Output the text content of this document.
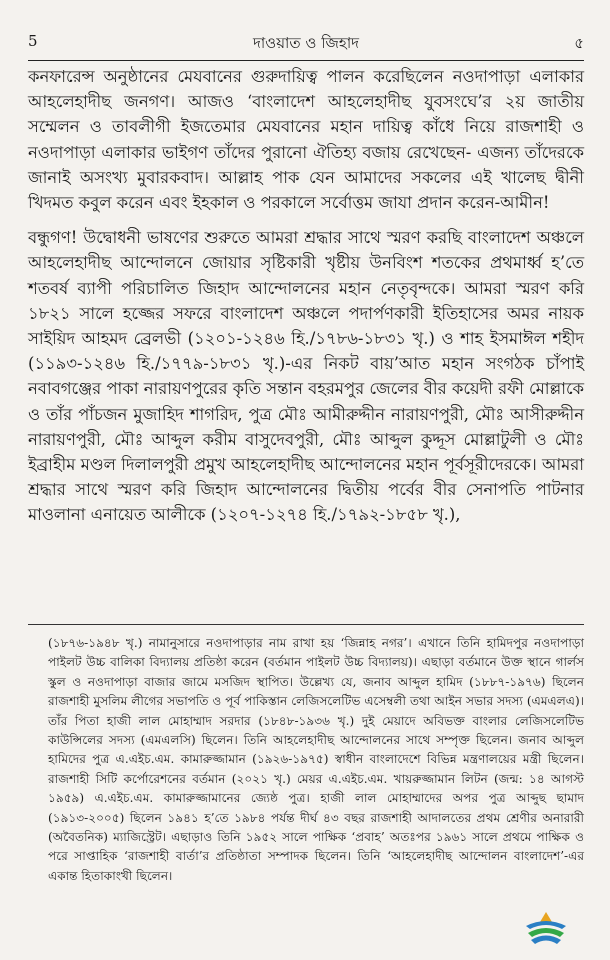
5	দাওয়াত ও জিহাদ	৫

কনফারেন্স অনুষ্ঠানের মেযবানের গুরুদায়িত্ব পালন করেছিলেন নওদাপাড়া এলাকার আহলেহাদীছ জনগণ। আজও ‘বাংলাদেশ আহলেহাদীছ যুবসংঘে’র ২য় জাতীয় সম্মেলন ও তাবলীগী ইজতেমার মেযবানের মহান দায়িত্ব কাঁধে নিয়ে রাজশাহী ও নওদাপাড়া এলাকার ভাইগণ তাঁদের পুরানো ঐতিহ্য বজায় রেখেছেন- এজন্য তাঁদেরকে জানাই অসংখ্য মুবারকবাদ। আল্লাহ পাক যেন আমাদের সকলের এই খালেছ দ্বীনী খিদমত কবুল করেন এবং ইহকাল ও পরকালে সর্বোত্তম জাযা প্রদান করেন-আমীন!

বন্ধুগণ! উদ্বোধনী ভাষণের শুরুতে আমরা শ্রদ্ধার সাথে স্মরণ করছি বাংলাদেশ অঞ্চলে আহলেহাদীছ আন্দোলনে জোয়ার সৃষ্টিকারী খৃষ্টীয় উনবিংশ শতকের প্রথমার্ধ্ব হ’তে শতবর্ষ ব্যাপী পরিচালিত জিহাদ আন্দোলনের মহান নেতৃবৃন্দকে। আমরা স্মরণ করি ১৮২১ সালে হজ্জের সফরে বাংলাদেশ অঞ্চলে পদার্পণকারী ইতিহাসের অমর নায়ক সাইয়িদ আহমদ ব্রেলভী (১২০১-১২৪৬ হি./১৭৮৬-১৮৩১ খৃ.) ও শাহ ইসমাঈল শহীদ (১১৯৩-১২৪৬ হি./১৭৭৯-১৮৩১ খৃ.)-এর নিকট বায়’আত মহান সংগঠক চাঁপাই নবাবগঞ্জের পাকা নারায়ণপুরের কৃতি সন্তান বহরমপুর জেলের বীর কয়েদী রফী মোল্লাকে ও তাঁর পাঁচজন মুজাহিদ শাগরিদ, পুত্র মৌঃ আমীরুদ্দীন নারায়ণপুরী, মৌঃ আসীরুদ্দীন নারায়ণপুরী, মৌঃ আব্দুল করীম বাসুদেবপুরী, মৌঃ আব্দুল কুদ্দূস মোল্লাটুলী ও মৌঃ ইব্রাহীম মণ্ডল দিলালপুরী প্রমুখ আহলেহাদীছ আন্দোলনের মহান পূর্বসূরীদেরকে। আমরা শ্রদ্ধার সাথে স্মরণ করি জিহাদ আন্দোলনের দ্বিতীয় পর্বের বীর সেনাপতি পাটনার মাওলানা এনায়েত আলীকে (১২০৭-১২৭৪ হি./১৭৯২-১৮৫৮ খৃ.),

(১৮৭৬-১৯৪৮ খৃ.) নামানুসারে নওদাপাড়ার নাম রাখা হয় ‘জিন্নাহ নগর’। এখানে তিনি হামিদপুর নওদাপাড়া পাইলট উচ্চ বালিকা বিদ্যালয় প্রতিষ্ঠা করেন (বর্তমান পাইলট উচ্চ বিদ্যালয়)। এছাড়া বর্তমানে উক্ত স্থানে গার্লস স্কুল ও নওদাপাড়া বাজার জামে মসজিদ স্থাপিত। উল্লেখ্য যে, জনাব আব্দুল হামিদ (১৮৮৭-১৯৭৬) ছিলেন রাজশাহী মুসলিম লীগের সভাপতি ও পূর্ব পাকিস্তান লেজিসলেটিভ এসেম্বলী তথা আইন সভার সদস্য (এমএলএ)। তাঁর পিতা হাজী লাল মোহাম্মাদ সরদার (১৮৪৮-১৯৩৬ খৃ.) দুই মেয়াদে অবিভক্ত বাংলার লেজিসলেটিভ কাউন্সিলের সদস্য (এমএলসি) ছিলেন। তিনি আহলেহাদীছ আন্দোলনের সাথে সম্পৃক্ত ছিলেন। জনাব আব্দুল হামিদের পুত্র এ.এইচ.এম. কামারুজ্জামান (১৯২৬-১৯৭৫) স্বাধীন বাংলাদেশে বিভিন্ন মন্ত্রণালয়ের মন্ত্রী ছিলেন। রাজশাহী সিটি কর্পোরেশনের বর্তমান (২০২১ খৃ.) মেয়র এ.এইচ.এম. খায়রুজ্জামান লিটন (জন্ম: ১৪ আগস্ট ১৯৫৯) এ.এইচ.এম. কামারুজ্জামানের জ্যেষ্ঠ পুত্র। হাজী লাল মোহাম্মাদের অপর পুত্র আব্দুছ ছামাদ (১৯১৩-২০০৫) ছিলেন ১৯৪১ হ’তে ১৯৮৪ পর্যন্ত দীর্ঘ ৪৩ বছর রাজশাহী আদালতের প্রথম শ্রেণীর অনারারী (অবৈতনিক) ম্যাজিস্ট্রেট। এছাড়াও তিনি ১৯৫২ সালে পাক্ষিক ‘প্রবাহ’ অতঃপর ১৯৬১ সালে প্রথমে পাক্ষিক ও পরে সাপ্তাহিক ‘রাজশাহী বার্তা’র প্রতিষ্ঠাতা সম্পাদক ছিলেন। তিনি ‘আহলেহাদীছ আন্দোলন বাংলাদেশ’-এর একান্ত হিতাকাংখী ছিলেন।
